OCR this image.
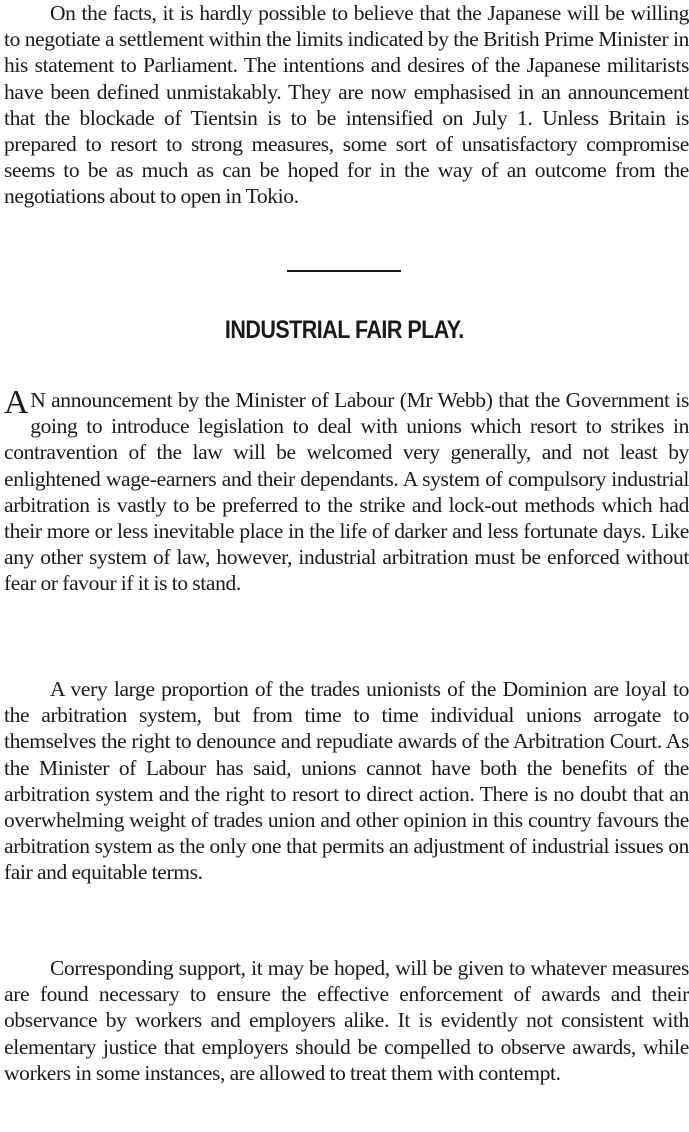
On the facts, it is hardly possible to believe that the Japanese will be willing to negotiate a settlement within the limits indicated by the British Prime Minister in his statement to Parliament. The intentions and desires of the Japanese militarists have been defined unmistakably. They are now emphasised in an announcement that the blockade of Tientsin is to be intensified on July 1. Unless Britain is prepared to resort to strong measures, some sort of unsatisfactory compromise seems to be as much as can be hoped for in the way of an outcome from the negotiations about to open in Tokio.

INDUSTRIAL FAIR PLAY.

A N announcement by the Minister of Labour (Mr Webb) that the Government is going to introduce legislation to deal with unions which resort to strikes in contravention of the law will be welcomed very generally, and not least by enlightened wage-earners and their dependants. A system of compulsory industrial arbitration is vastly to be preferred to the strike and lock-out methods which had their more or less inevitable place in the life of darker and less fortunate days. Like any other system of law, however, industrial arbitration must be enforced without fear or favour if it is to stand.

A very large proportion of the trades unionists of the Dominion are loyal to the arbitration system, but from time to time individual unions arrogate to themselves the right to denounce and repudiate awards of the Arbitration Court. As the Minister of Labour has said, unions cannot have both the benefits of the arbitration system and the right to resort to direct action. There is no doubt that an overwhelming weight of trades union and other opinion in this country favours the arbitration system as the only one that permits an adjustment of industrial issues on fair and equitable terms.

Corresponding support, it may be hoped, will be given to whatever measures are found necessary to ensure the effective enforcement of awards and their observance by workers and employers alike. It is evidently not consistent with elementary justice that employers should be compelled to observe awards, while workers in some instances, are allowed to treat them with contempt.
